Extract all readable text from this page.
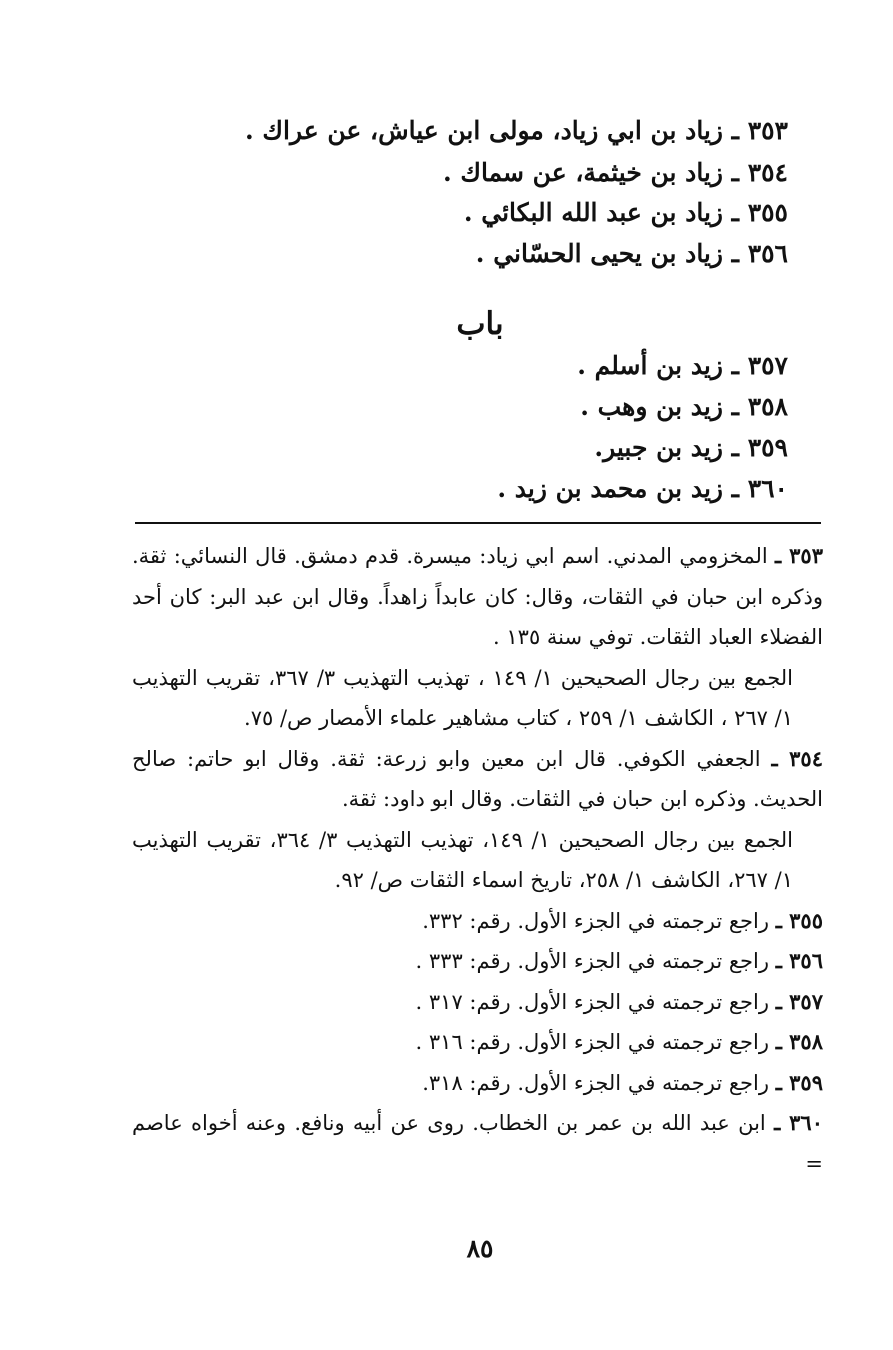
٣٥٣ ـ زياد بن ابي زياد، مولى ابن عياش، عن عراك .
٣٥٤ ـ زياد بن خيثمة، عن سماك .
٣٥٥ ـ زياد بن عبد الله البكائي .
٣٥٦ ـ زياد بن يحيى الحسّاني .
باب
٣٥٧ ـ زيد بن أسلم .
٣٥٨ ـ زيد بن وهب .
٣٥٩ ـ زيد بن جبير.
٣٦٠ ـ زيد بن محمد بن زيد .

٣٥٣ ـ المخزومي المدني. اسم ابي زياد: ميسرة. قدم دمشق. قال النسائي: ثقة. وذكره ابن حبان في الثقات، وقال: كان عابداً زاهداً. وقال ابن عبد البر: كان أحد الفضلاء العباد الثقات. توفي سنة ١٣٥ .
الجمع بين رجال الصحيحين ١/ ١٤٩ ، تهذيب التهذيب ٣/ ٣٦٧، تقريب التهذيب ١/ ٢٦٧ ، الكاشف ١/ ٢٥٩ ، كتاب مشاهير علماء الأمصار ص/ ٧٥.

٣٥٤ ـ الجعفي الكوفي. قال ابن معين وابو زرعة: ثقة. وقال ابو حاتم: صالح الحديث. وذكره ابن حبان في الثقات. وقال ابو داود: ثقة.
الجمع بين رجال الصحيحين ١/ ١٤٩، تهذيب التهذيب ٣/ ٣٦٤، تقريب التهذيب ١/ ٢٦٧، الكاشف ١/ ٢٥٨، تاريخ اسماء الثقات ص/ ٩٢.

٣٥٥ ـ راجع ترجمته في الجزء الأول. رقم: ٣٣٢.

٣٥٦ ـ راجع ترجمته في الجزء الأول. رقم: ٣٣٣ .

٣٥٧ ـ راجع ترجمته في الجزء الأول. رقم: ٣١٧ .

٣٥٨ ـ راجع ترجمته في الجزء الأول. رقم: ٣١٦ .

٣٥٩ ـ راجع ترجمته في الجزء الأول. رقم: ٣١٨.

٣٦٠ ـ ابن عبد الله بن عمر بن الخطاب. روى عن أبيه ونافع. وعنه أخواه عاصم =

٨٥
